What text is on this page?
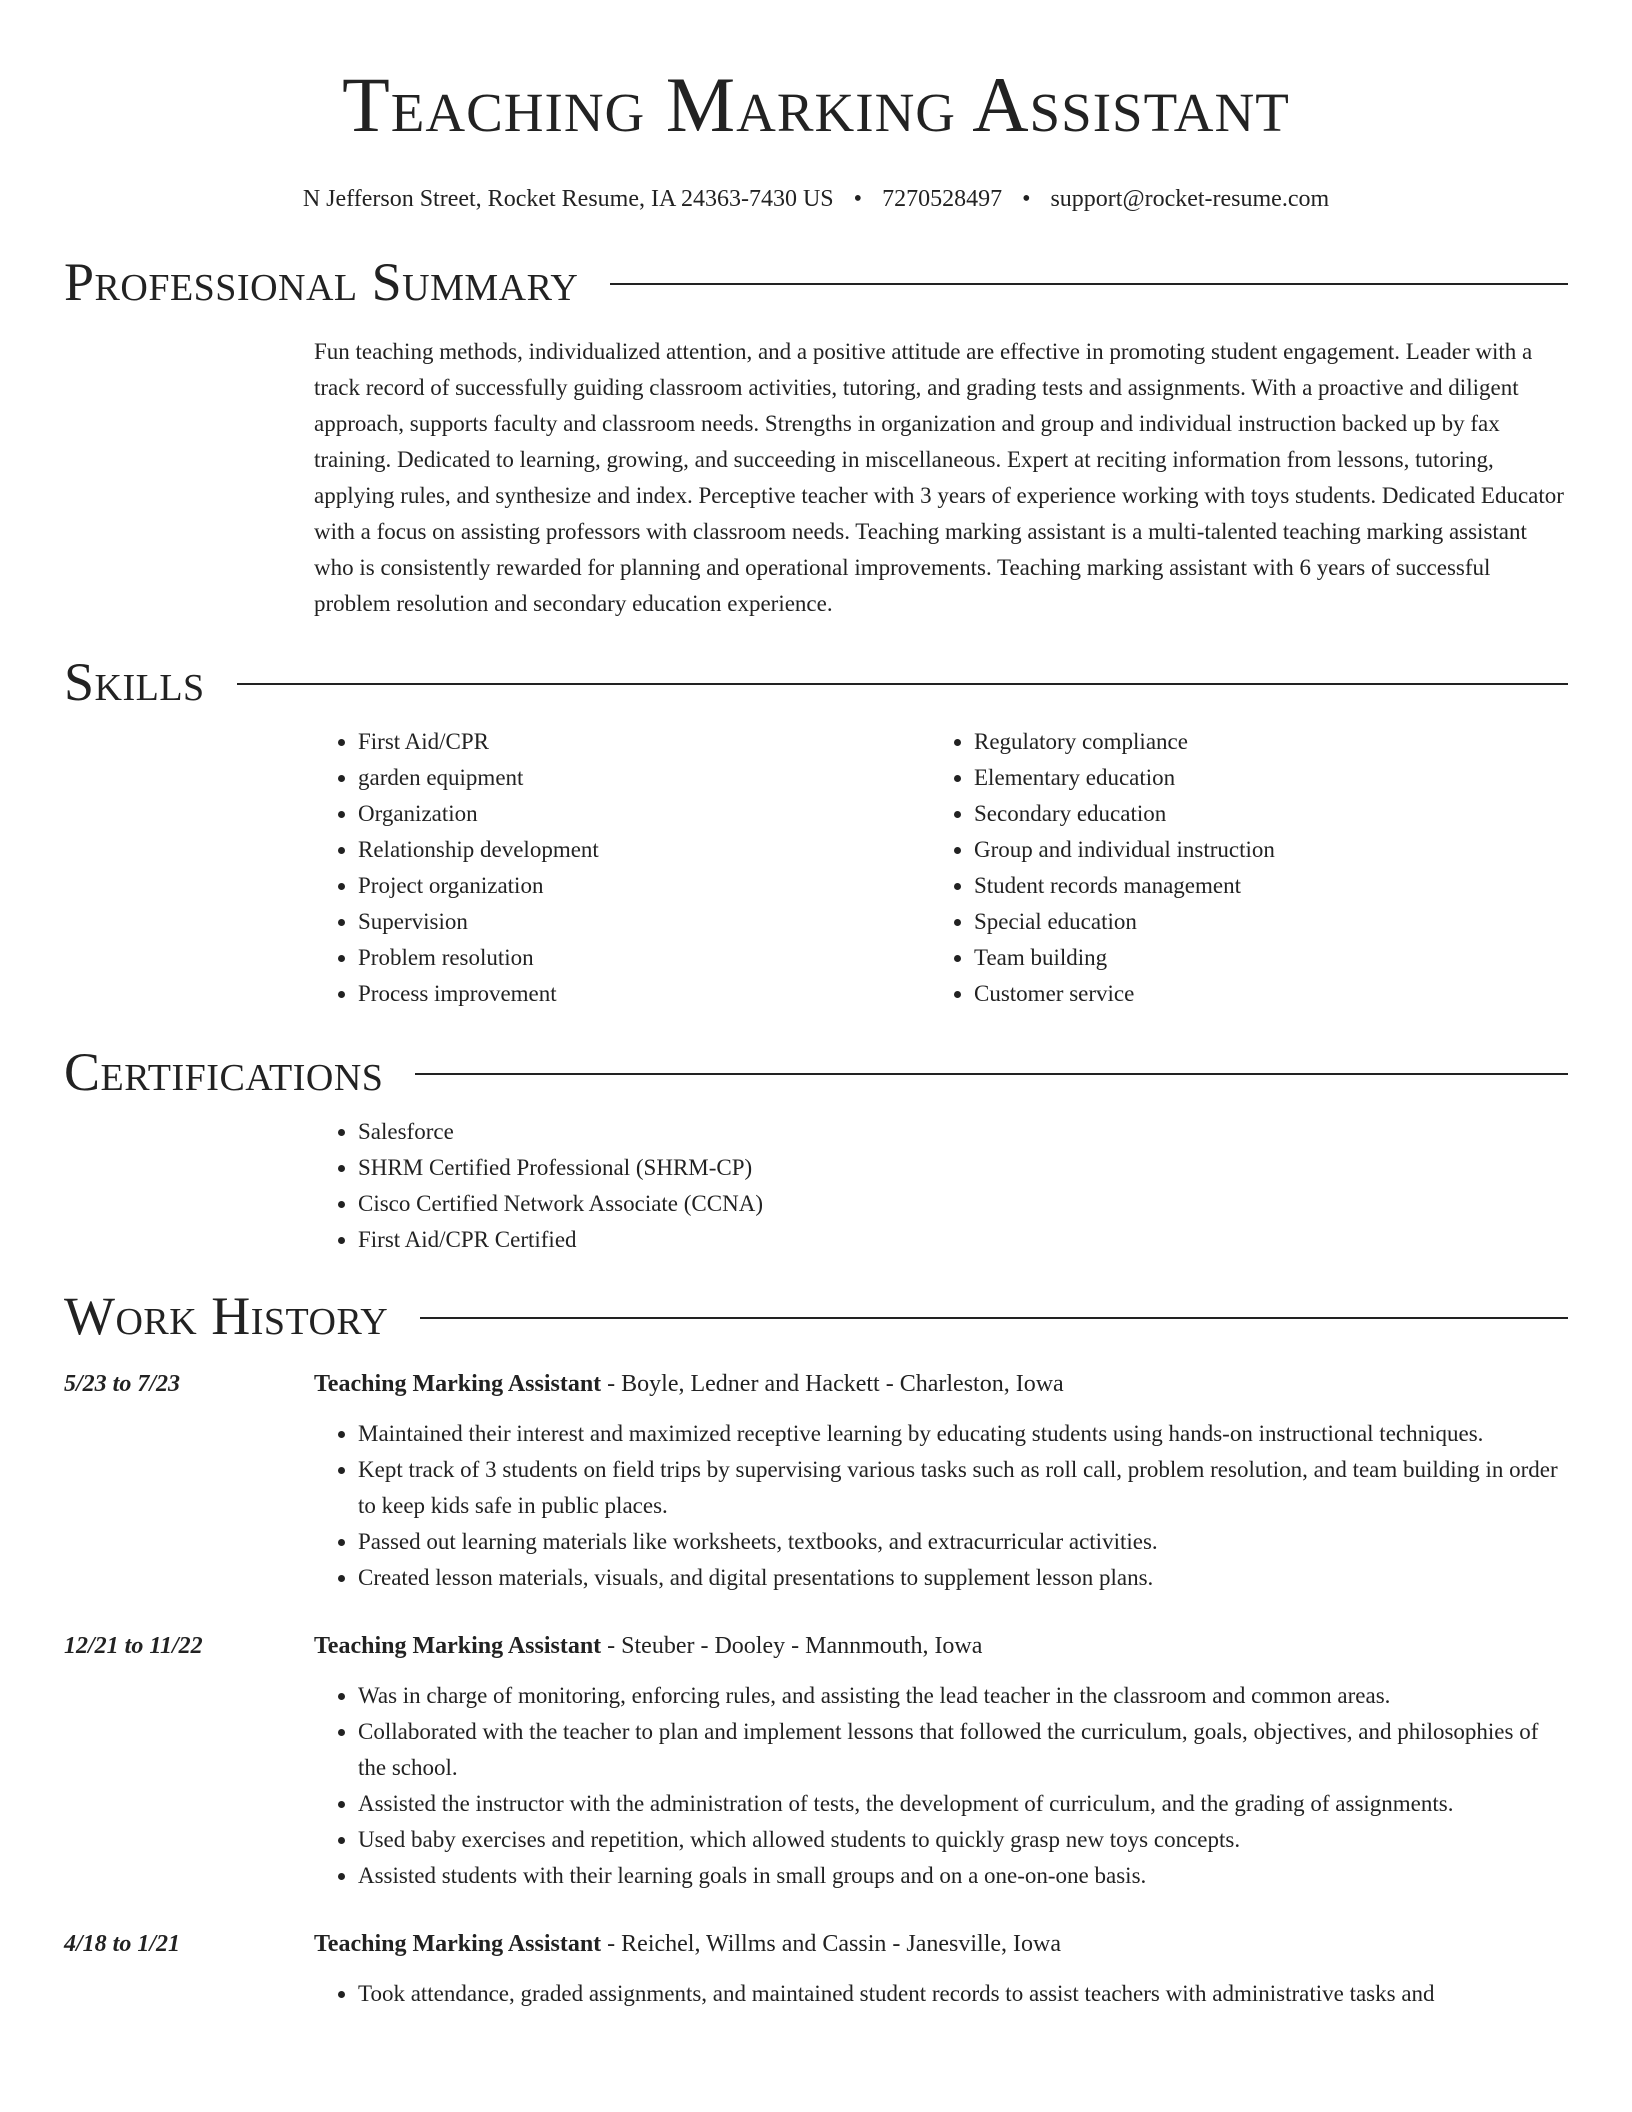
Teaching Marking Assistant
N Jefferson Street, Rocket Resume, IA 24363-7430 US • 7270528497 • support@rocket-resume.com
Professional Summary
Fun teaching methods, individualized attention, and a positive attitude are effective in promoting student engagement. Leader with a track record of successfully guiding classroom activities, tutoring, and grading tests and assignments. With a proactive and diligent approach, supports faculty and classroom needs. Strengths in organization and group and individual instruction backed up by fax training. Dedicated to learning, growing, and succeeding in miscellaneous. Expert at reciting information from lessons, tutoring, applying rules, and synthesize and index. Perceptive teacher with 3 years of experience working with toys students. Dedicated Educator with a focus on assisting professors with classroom needs. Teaching marking assistant is a multi-talented teaching marking assistant who is consistently rewarded for planning and operational improvements. Teaching marking assistant with 6 years of successful problem resolution and secondary education experience.
Skills
• First Aid/CPR
• garden equipment
• Organization
• Relationship development
• Project organization
• Supervision
• Problem resolution
• Process improvement
• Regulatory compliance
• Elementary education
• Secondary education
• Group and individual instruction
• Student records management
• Special education
• Team building
• Customer service
Certifications
• Salesforce
• SHRM Certified Professional (SHRM-CP)
• Cisco Certified Network Associate (CCNA)
• First Aid/CPR Certified
Work History
5/23 to 7/23	Teaching Marking Assistant - Boyle, Ledner and Hackett - Charleston, Iowa
• Maintained their interest and maximized receptive learning by educating students using hands-on instructional techniques.
• Kept track of 3 students on field trips by supervising various tasks such as roll call, problem resolution, and team building in order to keep kids safe in public places.
• Passed out learning materials like worksheets, textbooks, and extracurricular activities.
• Created lesson materials, visuals, and digital presentations to supplement lesson plans.
12/21 to 11/22	Teaching Marking Assistant - Steuber - Dooley - Mannmouth, Iowa
• Was in charge of monitoring, enforcing rules, and assisting the lead teacher in the classroom and common areas.
• Collaborated with the teacher to plan and implement lessons that followed the curriculum, goals, objectives, and philosophies of the school.
• Assisted the instructor with the administration of tests, the development of curriculum, and the grading of assignments.
• Used baby exercises and repetition, which allowed students to quickly grasp new toys concepts.
• Assisted students with their learning goals in small groups and on a one-on-one basis.
4/18 to 1/21	Teaching Marking Assistant - Reichel, Willms and Cassin - Janesville, Iowa
• Took attendance, graded assignments, and maintained student records to assist teachers with administrative tasks and
